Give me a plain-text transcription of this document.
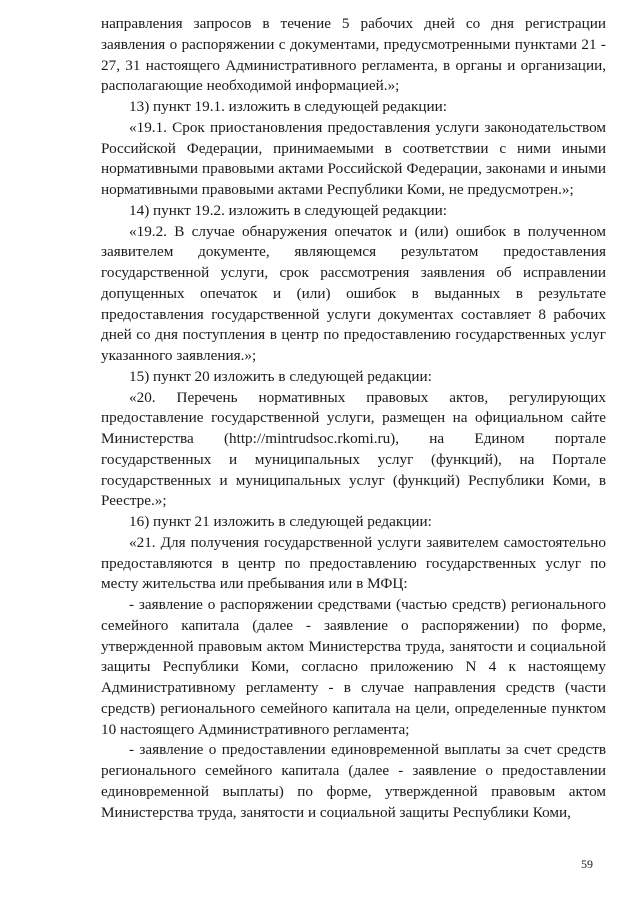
направления запросов в течение 5 рабочих дней со дня регистрации заявления о распоряжении с документами, предусмотренными пунктами 21 - 27, 31 настоящего Административного регламента, в органы и организации, располагающие необходимой информацией.»;

13) пункт 19.1. изложить в следующей редакции:

«19.1. Срок приостановления предоставления услуги законодательством Российской Федерации, принимаемыми в соответствии с ними иными нормативными правовыми актами Российской Федерации, законами и иными нормативными правовыми актами Республики Коми, не предусмотрен.»;

14) пункт 19.2. изложить в следующей редакции:

«19.2. В случае обнаружения опечаток и (или) ошибок в полученном заявителем документе, являющемся результатом предоставления государственной услуги, срок рассмотрения заявления об исправлении допущенных опечаток и (или) ошибок в выданных в результате предоставления государственной услуги документах составляет 8 рабочих дней со дня поступления в центр по предоставлению государственных услуг указанного заявления.»;

15) пункт 20 изложить в следующей редакции:

«20. Перечень нормативных правовых актов, регулирующих предоставление государственной услуги, размещен на официальном сайте Министерства (http://mintrudsoc.rkomi.ru), на Едином портале государственных и муниципальных услуг (функций), на Портале государственных и муниципальных услуг (функций) Республики Коми, в Реестре.»;

16) пункт 21 изложить в следующей редакции:

«21. Для получения государственной услуги заявителем самостоятельно предоставляются в центр по предоставлению государственных услуг по месту жительства или пребывания или в МФЦ:

- заявление о распоряжении средствами (частью средств) регионального семейного капитала (далее - заявление о распоряжении) по форме, утвержденной правовым актом Министерства труда, занятости и социальной защиты Республики Коми, согласно приложению N 4 к настоящему Административному регламенту - в случае направления средств (части средств) регионального семейного капитала на цели, определенные пунктом 10 настоящего Административного регламента;

- заявление о предоставлении единовременной выплаты за счет средств регионального семейного капитала (далее - заявление о предоставлении единовременной выплаты) по форме, утвержденной правовым актом Министерства труда, занятости и социальной защиты Республики Коми,

59
